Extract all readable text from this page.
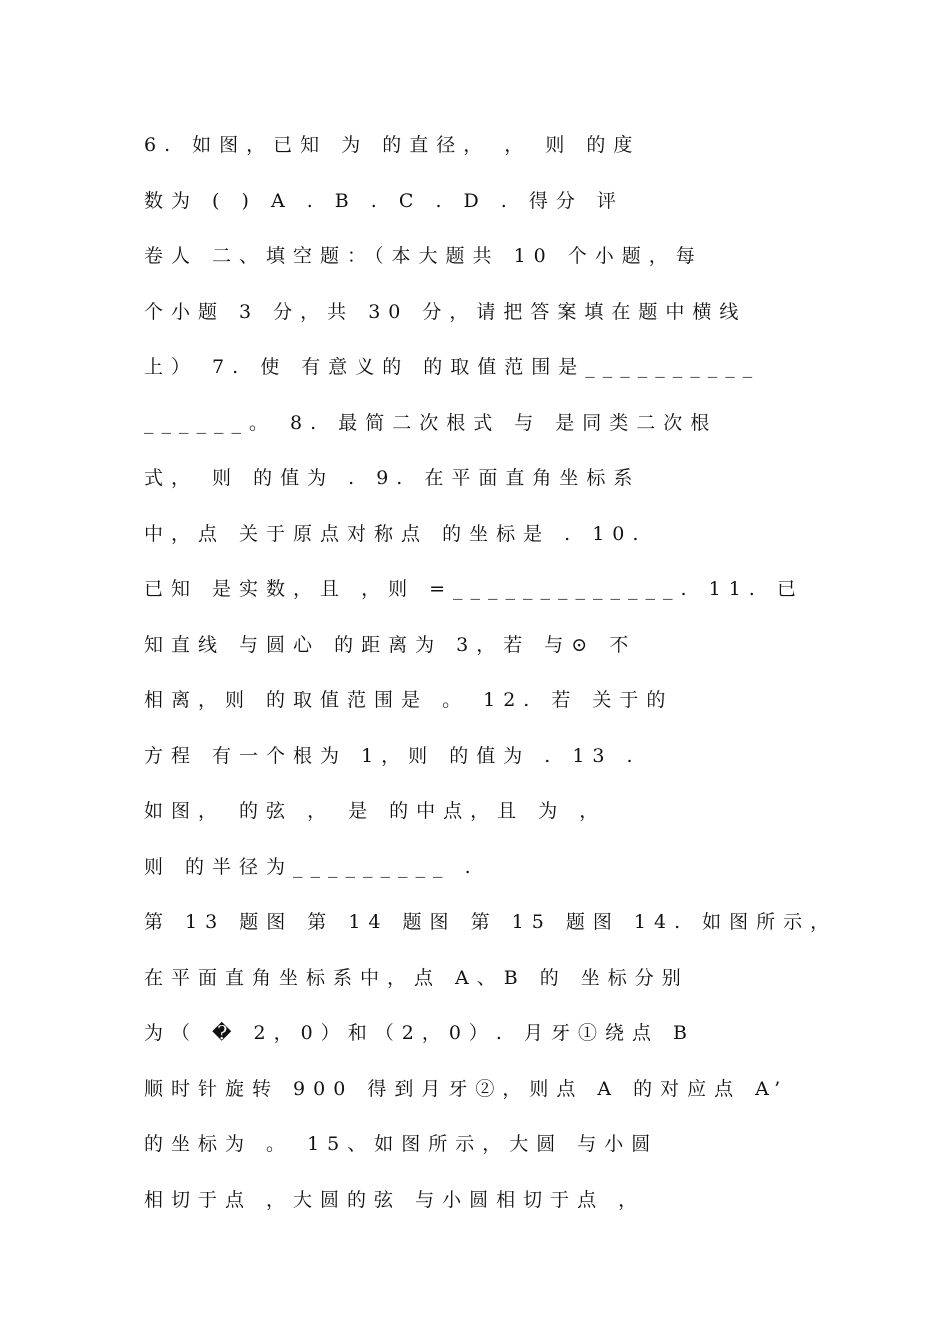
6. 如图，已知 为 的直径， ， 则 的度
数为 ( ) A . B . C . D . 得分 评
卷人 二、填空题：（本大题共 10 个小题，每
个小题 3 分，共 30 分，请把答案填在题中横线
上） 7. 使 有意义的 的取值范围是__________
______。 8. 最简二次根式 与 是同类二次根
式， 则 的值为 . 9. 在平面直角坐标系
中，点 关于原点对称点 的坐标是 . 10.
已知 是实数，且 ，则 =_____________. 11. 已
知直线 与圆心 的距离为 3，若 与⊙ 不
相离，则 的取值范围是 。 12. 若 关于的
方程 有一个根为 1，则 的值为 . 13 .
如图， 的弦 ， 是 的中点，且 为 ，
则 的半径为_________ .
第 13 题图 第 14 题图 第 15 题图 14. 如图所示，
在平面直角坐标系中，点 A、B 的 坐标分别
为（ � 2，0）和（2，0）. 月牙①绕点 B
顺时针旋转 900 得到月牙②，则点 A 的对应点 A’
的坐标为 。 15、如图所示，大圆 与小圆
相切于点 ，大圆的弦 与小圆相切于点 ，
